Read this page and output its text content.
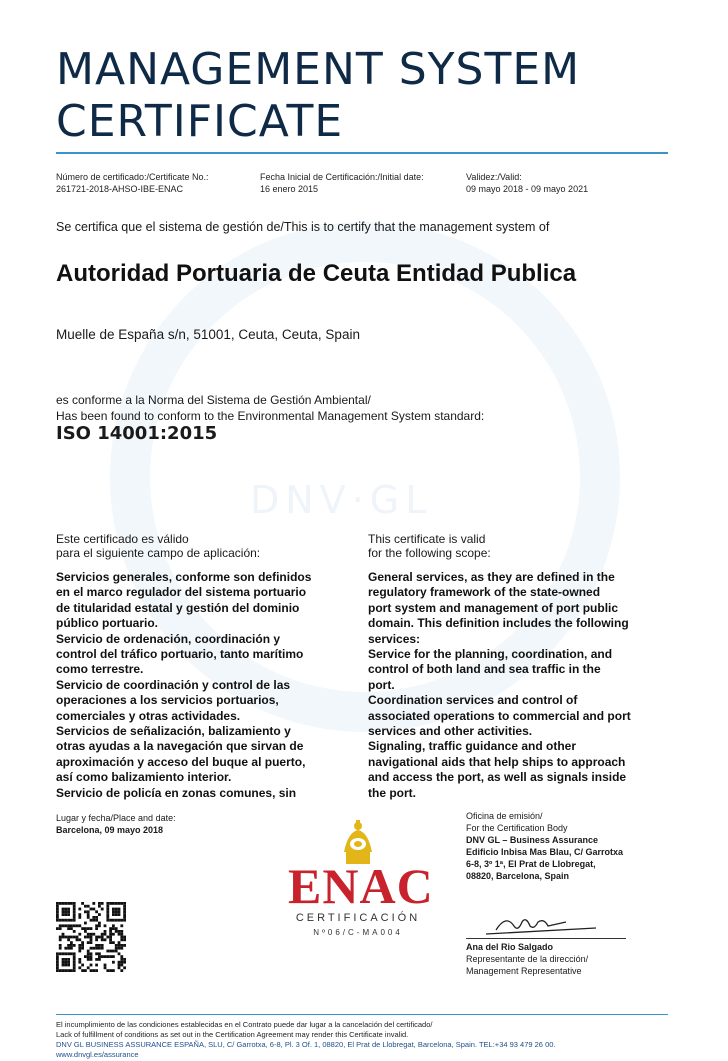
DNV·GL
MANAGEMENT SYSTEM
CERTIFICATE
Número de certificado:/Certificate No.:
261721-2018-AHSO-IBE-ENAC
Fecha Inicial de Certificación:/Initial date:
16 enero 2015
Validez:/Valid:
09 mayo 2018 - 09 mayo 2021
Se certifica que el sistema de gestión de/This is to certify that the management system of
Autoridad Portuaria de Ceuta Entidad Publica
Muelle de España s/n, 51001, Ceuta, Ceuta, Spain
es conforme a la Norma del Sistema de Gestión Ambiental/
Has been found to conform to the Environmental Management System standard:
ISO 14001:2015
Este certificado es válido
para el siguiente campo de aplicación:
This certificate is valid
for the following scope:
Servicios generales, conforme son definidos
en el marco regulador del sistema portuario
de titularidad estatal y gestión del dominio
público portuario.
Servicio de ordenación, coordinación y
control del tráfico portuario, tanto marítimo
como terrestre.
Servicio de coordinación y control de las
operaciones a los servicios portuarios,
comerciales y otras actividades.
Servicios de señalización, balizamiento y
otras ayudas a la navegación que sirvan de
aproximación y acceso del buque al puerto,
así como balizamiento interior.
Servicio de policía en zonas comunes, sin
General services, as they are defined in the
regulatory framework of the state-owned
port system and management of port public
domain. This definition includes the following
services:
Service for the planning, coordination, and
control of both land and sea traffic in the
port.
Coordination services and control of
associated operations to commercial and port
services and other activities.
Signaling, traffic guidance and other
navigational aids that help ships to approach
and access the port, as well as signals inside
the port.
Lugar y fecha/Place and date:
Barcelona, 09 mayo 2018
Oficina de emisión/
For the Certification Body
DNV GL – Business Assurance
Edificio Inbisa Mas Blau, C/ Garrotxa
6-8, 3º 1ª, El Prat de Llobregat,
08820, Barcelona, Spain
ENAC
CERTIFICACIÓN
Nº06/C-MA004
Ana del Rio Salgado
Representante de la dirección/
Management Representative
El incumplimiento de las condiciones establecidas en el Contrato puede dar lugar a la cancelación del certificado/
Lack of fulfillment of conditions as set out in the Certification Agreement may render this Certificate invalid.
DNV GL BUSINESS ASSURANCE ESPAÑA, SLU, C/ Garrotxa, 6-8, Pl. 3 Of. 1, 08820, El Prat de Llobregat, Barcelona, Spain. TEL:+34 93 479 26 00.
www.dnvgl.es/assurance
